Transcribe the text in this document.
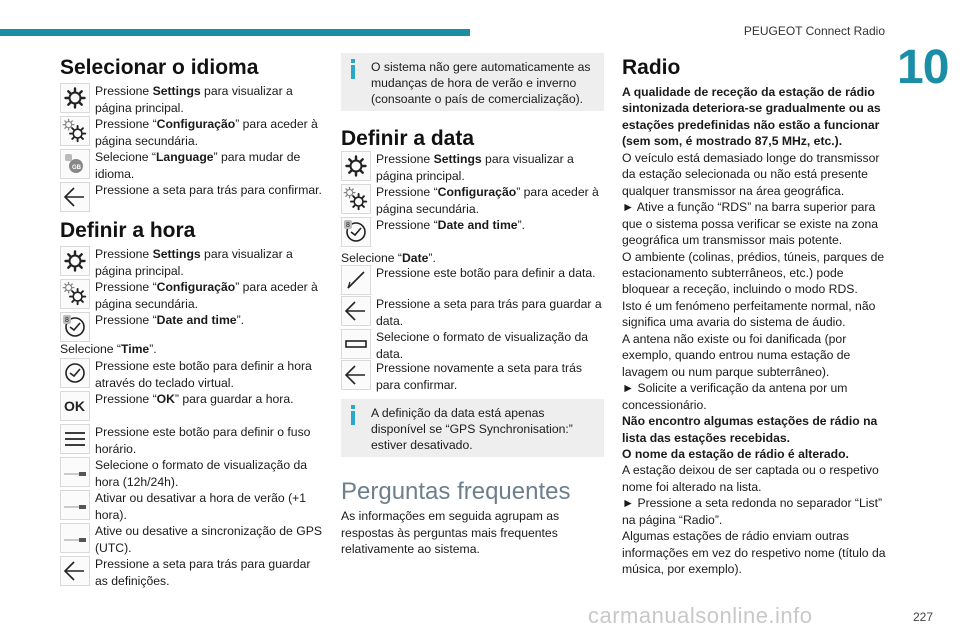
PEUGEOT Connect Radio
10
Selecionar o idioma
Pressione Settings para visualizar a página principal.
Pressione “Configuração” para aceder à página secundária.
GB
Selecione “Language” para mudar de idioma.
Pressione a seta para trás para confirmar.
Definir a hora
Pressione Settings para visualizar a página principal.
Pressione “Configuração” para aceder à página secundária.
8	Pressione “Date and time”.
Selecione “Time”.
Pressione este botão para definir a hora através do teclado virtual.
OK Pressione “OK” para guardar a hora.
Pressione este botão para definir o fuso horário.
Selecione o formato de visualização da hora (12h/24h).
Ativar ou desativar a hora de verão (+1 hora).
Ative ou desative a sincronização de GPS (UTC).
Pressione a seta para trás para guardar as definições.
O sistema não gere automaticamente as mudanças de hora de verão e inverno (consoante o país de comercialização).
Definir a data
Pressione Settings para visualizar a página principal.
Pressione “Configuração” para aceder à página secundária.
8	Pressione “Date and time”.
Selecione “Date”.
Pressione este botão para definir a data.
Pressione a seta para trás para guardar a data.
Selecione o formato de visualização da data.
Pressione novamente a seta para trás para confirmar.
A definição da data está apenas disponível se “GPS Synchronisation:” estiver desativado.
Perguntas frequentes
As informações em seguida agrupam as respostas às perguntas mais frequentes relativamente ao sistema.
Radio

A qualidade de receção da estação de rádio sintonizada deteriora-se gradualmente ou as estações predefinidas não estão a funcionar (sem som, é mostrado 87,5 MHz, etc.).

O veículo está demasiado longe do transmissor da estação selecionada ou não está presente qualquer transmissor na área geográfica.

► Ative a função “RDS” na barra superior para que o sistema possa verificar se existe na zona geográfica um transmissor mais potente.

O ambiente (colinas, prédios, túneis, parques de estacionamento subterrâneos, etc.) pode bloquear a receção, incluindo o modo RDS.

Isto é um fenómeno perfeitamente normal, não significa uma avaria do sistema de áudio.

A antena não existe ou foi danificada (por exemplo, quando entrou numa estação de lavagem ou num parque subterrâneo).

► Solicite a verificação da antena por um concessionário.

Não encontro algumas estações de rádio na lista das estações recebidas.

O nome da estação de rádio é alterado.

A estação deixou de ser captada ou o respetivo nome foi alterado na lista.

► Pressione a seta redonda no separador “List” na página “Radio”.

Algumas estações de rádio enviam outras informações em vez do respetivo nome (título da música, por exemplo).

carmanualsonline.info	227
